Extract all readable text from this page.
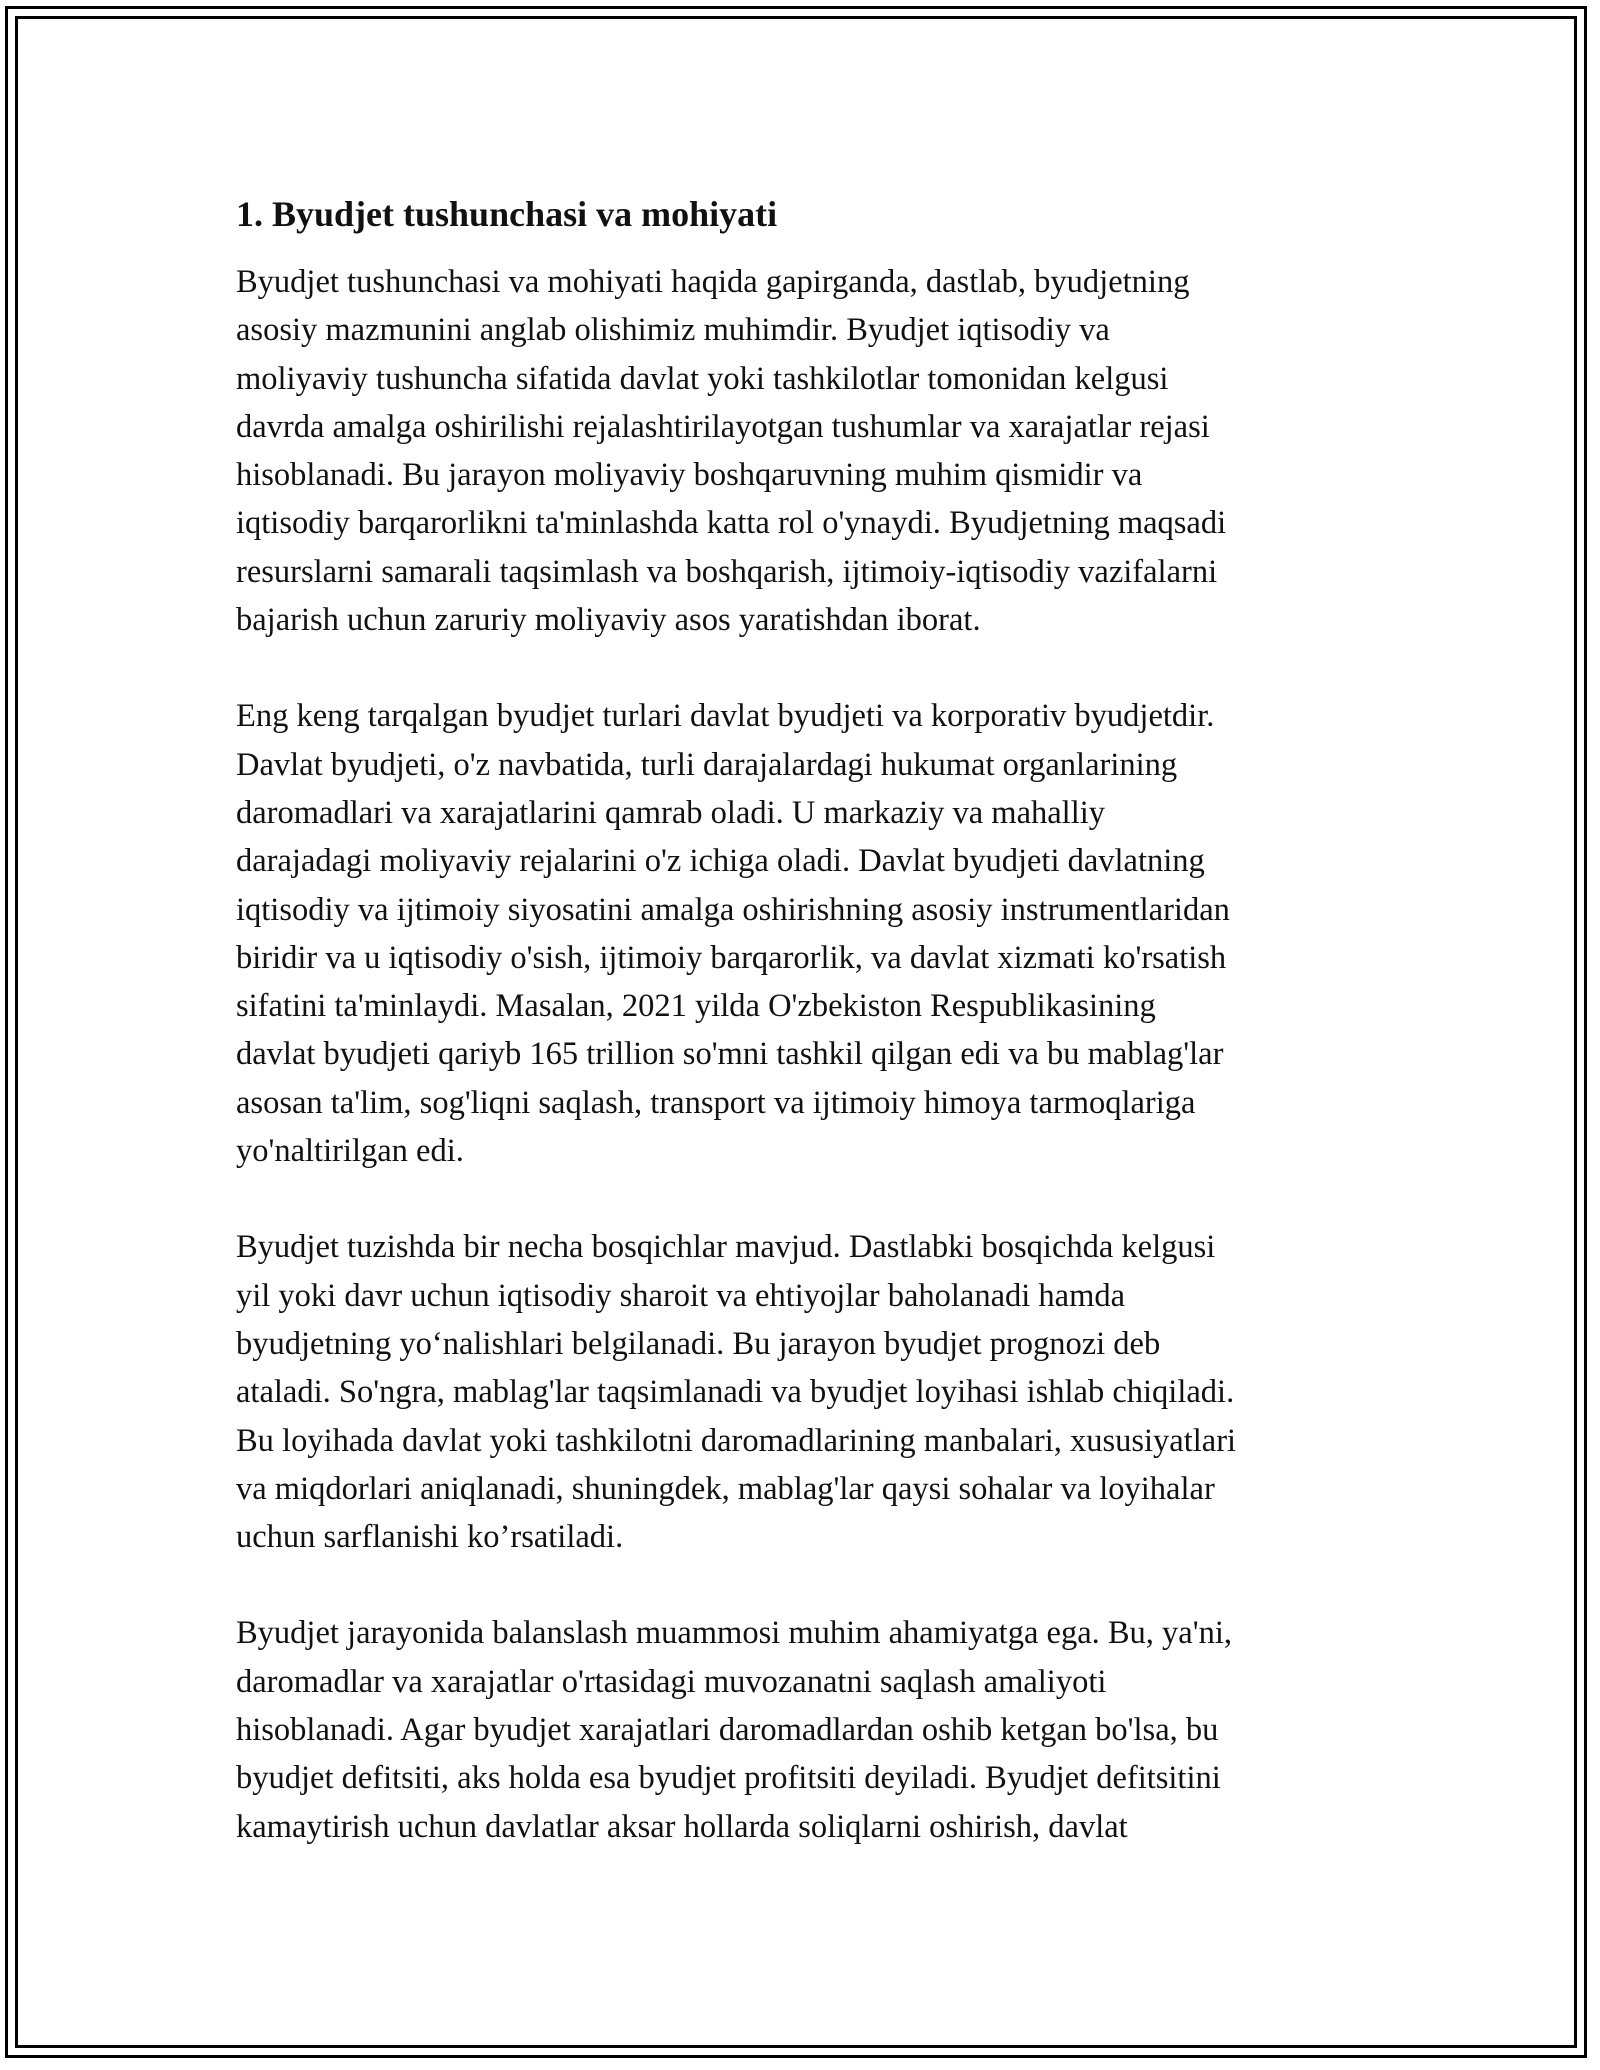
1. Byudjet tushunchasi va mohiyati

Byudjet tushunchasi va mohiyati haqida gapirganda, dastlab, byudjetning
asosiy mazmunini anglab olishimiz muhimdir. Byudjet iqtisodiy va
moliyaviy tushuncha sifatida davlat yoki tashkilotlar tomonidan kelgusi
davrda amalga oshirilishi rejalashtirilayotgan tushumlar va xarajatlar rejasi
hisoblanadi. Bu jarayon moliyaviy boshqaruvning muhim qismidir va
iqtisodiy barqarorlikni ta'minlashda katta rol o'ynaydi. Byudjetning maqsadi
resurslarni samarali taqsimlash va boshqarish, ijtimoiy-iqtisodiy vazifalarni
bajarish uchun zaruriy moliyaviy asos yaratishdan iborat.

Eng keng tarqalgan byudjet turlari davlat byudjeti va korporativ byudjetdir.
Davlat byudjeti, o'z navbatida, turli darajalardagi hukumat organlarining
daromadlari va xarajatlarini qamrab oladi. U markaziy va mahalliy
darajadagi moliyaviy rejalarini o'z ichiga oladi. Davlat byudjeti davlatning
iqtisodiy va ijtimoiy siyosatini amalga oshirishning asosiy instrumentlaridan
biridir va u iqtisodiy o'sish, ijtimoiy barqarorlik, va davlat xizmati ko'rsatish
sifatini ta'minlaydi. Masalan, 2021 yilda O'zbekiston Respublikasining
davlat byudjeti qariyb 165 trillion so'mni tashkil qilgan edi va bu mablag'lar
asosan ta'lim, sog'liqni saqlash, transport va ijtimoiy himoya tarmoqlariga
yo'naltirilgan edi.

Byudjet tuzishda bir necha bosqichlar mavjud. Dastlabki bosqichda kelgusi
yil yoki davr uchun iqtisodiy sharoit va ehtiyojlar baholanadi hamda
byudjetning yoʻnalishlari belgilanadi. Bu jarayon byudjet prognozi deb
ataladi. So'ngra, mablag'lar taqsimlanadi va byudjet loyihasi ishlab chiqiladi.
Bu loyihada davlat yoki tashkilotni daromadlarining manbalari, xususiyatlari
va miqdorlari aniqlanadi, shuningdek, mablag'lar qaysi sohalar va loyihalar
uchun sarflanishi ko’rsatiladi.

Byudjet jarayonida balanslash muammosi muhim ahamiyatga ega. Bu, ya'ni,
daromadlar va xarajatlar o'rtasidagi muvozanatni saqlash amaliyoti
hisoblanadi. Agar byudjet xarajatlari daromadlardan oshib ketgan bo'lsa, bu
byudjet defitsiti, aks holda esa byudjet profitsiti deyiladi. Byudjet defitsitini
kamaytirish uchun davlatlar aksar hollarda soliqlarni oshirish, davlat
